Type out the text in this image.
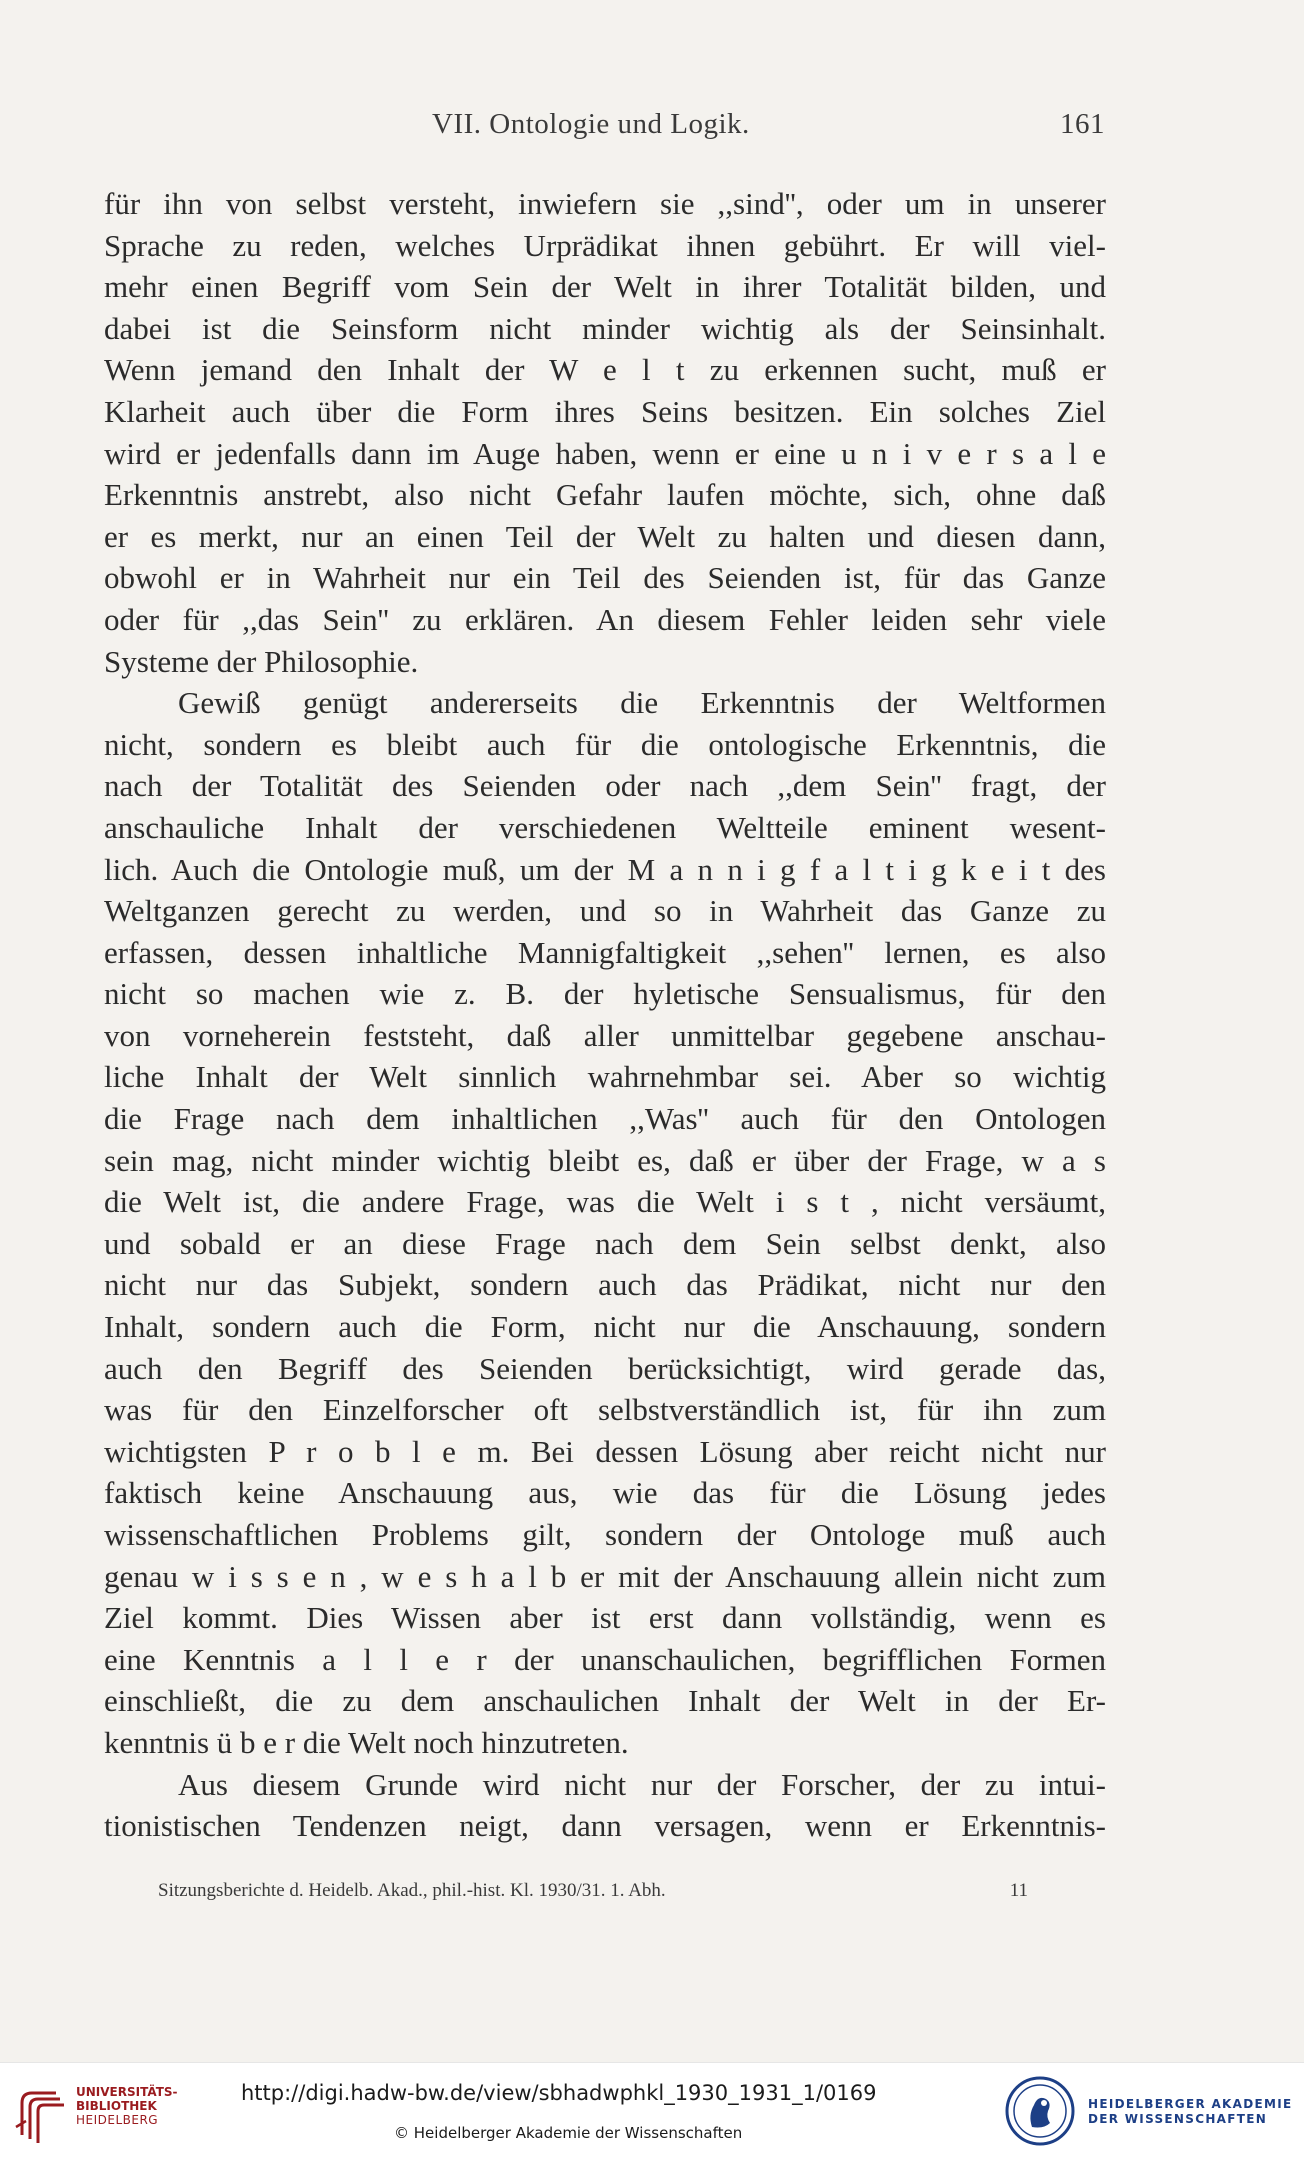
VII. Ontologie und Logik.	161
für ihn von selbst versteht, inwiefern sie ,,sind'', oder um in unserer
Sprache zu reden, welches Urprädikat ihnen gebührt. Er will viel-
mehr einen Begriff vom Sein der Welt in ihrer Totalität bilden, und
dabei ist die Seinsform nicht minder wichtig als der Seinsinhalt.
Wenn jemand den Inhalt der W e l t zu erkennen sucht, muß er
Klarheit auch über die Form ihres Seins besitzen. Ein solches Ziel
wird er jedenfalls dann im Auge haben, wenn er eine u n i v e r s a l e
Erkenntnis anstrebt, also nicht Gefahr laufen möchte, sich, ohne daß
er es merkt, nur an einen Teil der Welt zu halten und diesen dann,
obwohl er in Wahrheit nur ein Teil des Seienden ist, für das Ganze
oder für ,,das Sein'' zu erklären. An diesem Fehler leiden sehr viele
Systeme der Philosophie.
Gewiß genügt andererseits die Erkenntnis der Weltformen
nicht, sondern es bleibt auch für die ontologische Erkenntnis, die
nach der Totalität des Seienden oder nach ,,dem Sein'' fragt, der
anschauliche Inhalt der verschiedenen Weltteile eminent wesent-
lich. Auch die Ontologie muß, um der M a n n i g f a l t i g k e i t des
Weltganzen gerecht zu werden, und so in Wahrheit das Ganze zu
erfassen, dessen inhaltliche Mannigfaltigkeit ,,sehen'' lernen, es also
nicht so machen wie z. B. der hyletische Sensualismus, für den
von vorneherein feststeht, daß aller unmittelbar gegebene anschau-
liche Inhalt der Welt sinnlich wahrnehmbar sei. Aber so wichtig
die Frage nach dem inhaltlichen ,,Was'' auch für den Ontologen
sein mag, nicht minder wichtig bleibt es, daß er über der Frage, w a s
die Welt ist, die andere Frage, was die Welt i s t , nicht versäumt,
und sobald er an diese Frage nach dem Sein selbst denkt, also
nicht nur das Subjekt, sondern auch das Prädikat, nicht nur den
Inhalt, sondern auch die Form, nicht nur die Anschauung, sondern
auch den Begriff des Seienden berücksichtigt, wird gerade das,
was für den Einzelforscher oft selbstverständlich ist, für ihn zum
wichtigsten P r o b l e m. Bei dessen Lösung aber reicht nicht nur
faktisch keine Anschauung aus, wie das für die Lösung jedes
wissenschaftlichen Problems gilt, sondern der Ontologe muß auch
genau w i s s e n , w e s h a l b er mit der Anschauung allein nicht zum
Ziel kommt. Dies Wissen aber ist erst dann vollständig, wenn es
eine Kenntnis a l l e r der unanschaulichen, begrifflichen Formen
einschließt, die zu dem anschaulichen Inhalt der Welt in der Er-
kenntnis ü b e r die Welt noch hinzutreten.
Aus diesem Grunde wird nicht nur der Forscher, der zu intui-
tionistischen Tendenzen neigt, dann versagen, wenn er Erkenntnis-
Sitzungsberichte d. Heidelb. Akad., phil.-hist. Kl. 1930/31. 1. Abh.	11
UNIVERSITÄTS-
BIBLIOTHEK
HEIDELBERG
http://digi.hadw-bw.de/view/sbhadwphkl_1930_1931_1/0169
© Heidelberger Akademie der Wissenschaften
HEIDELBERGER AKADEMIE
DER WISSENSCHAFTEN
